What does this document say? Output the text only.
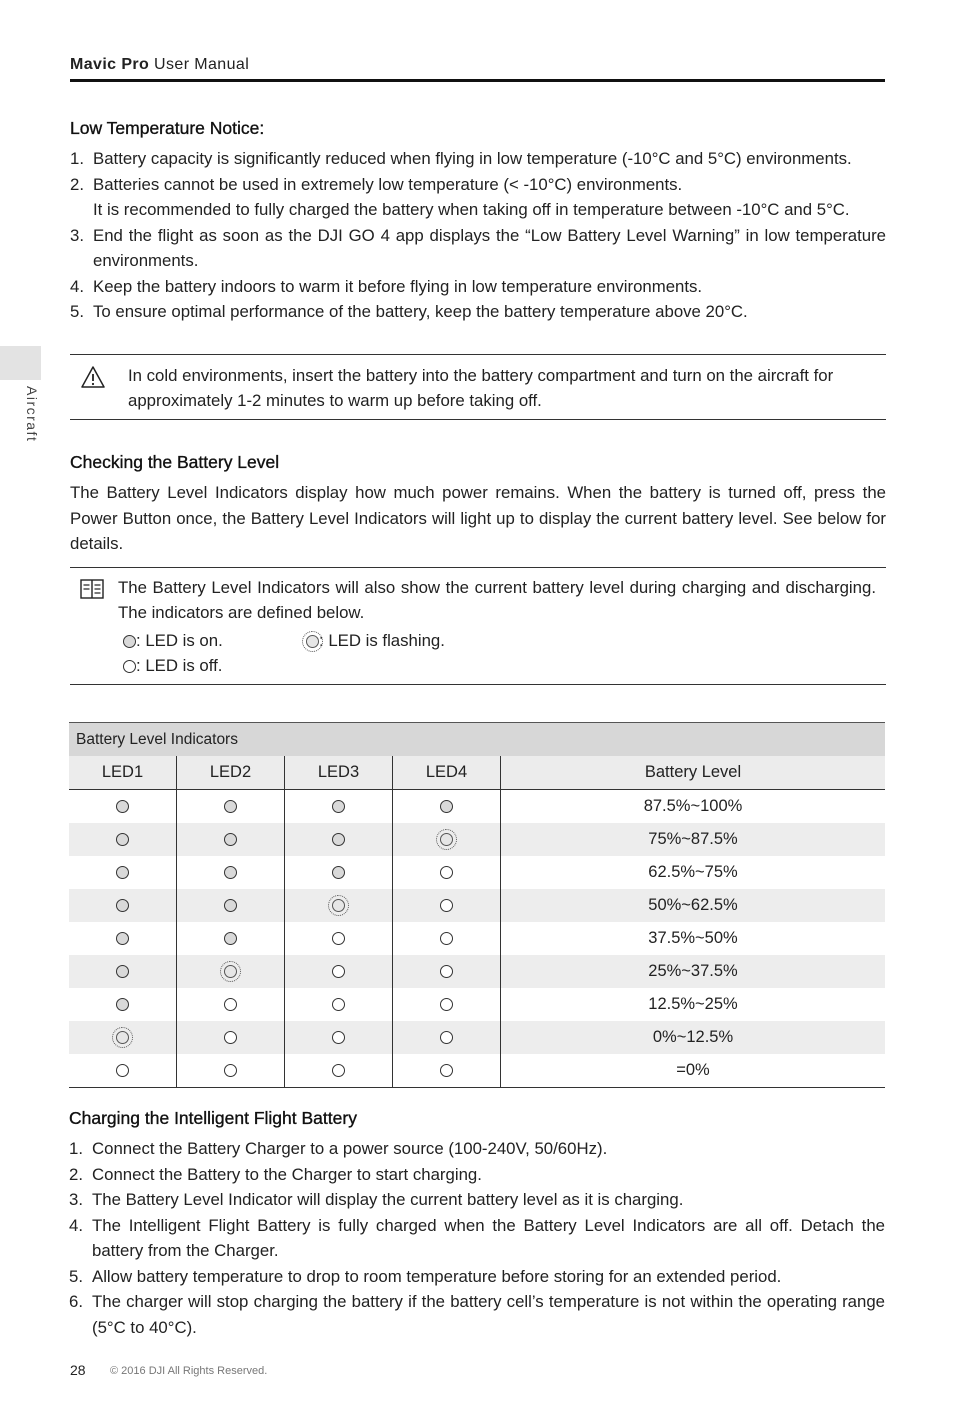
Mavic Pro User Manual
Aircraft
Low Temperature Notice:
1. Battery capacity is significantly reduced when flying in low temperature (-10°C and 5°C) environments.
2. Batteries cannot be used in extremely low temperature (< -10°C) environments.
It is recommended to fully charged the battery when taking off in temperature between -10°C and 5°C.
3. End the flight as soon as the DJI GO 4 app displays the “Low Battery Level Warning” in low temperature environments.
4. Keep the battery indoors to warm it before flying in low temperature environments.
5. To ensure optimal performance of the battery, keep the battery temperature above 20°C.
In cold environments, insert the battery into the battery compartment and turn on the aircraft for approximately 1-2 minutes to warm up before taking off.
Checking the Battery Level
The Battery Level Indicators display how much power remains. When the battery is turned off, press the Power Button once, the Battery Level Indicators will light up to display the current battery level. See below for details.
The Battery Level Indicators will also show the current battery level during charging and discharging. The indicators are defined below.
: LED is on.	: LED is flashing.
: LED is off.
Battery Level Indicators				
LED1	LED2	LED3	LED4	Battery Level
				87.5%~100%
				75%~87.5%
				62.5%~75%
				50%~62.5%
				37.5%~50%
				25%~37.5%
				12.5%~25%
				0%~12.5%
				=0%
Charging the Intelligent Flight Battery
1. Connect the Battery Charger to a power source (100-240V, 50/60Hz).
2. Connect the Battery to the Charger to start charging.
3. The Battery Level Indicator will display the current battery level as it is charging.
4. The Intelligent Flight Battery is fully charged when the Battery Level Indicators are all off. Detach the battery from the Charger.
5. Allow battery temperature to drop to room temperature before storing for an extended period.
6. The charger will stop charging the battery if the battery cell’s temperature is not within the operating range (5°C to 40°C).
28 © 2016 DJI All Rights Reserved.
